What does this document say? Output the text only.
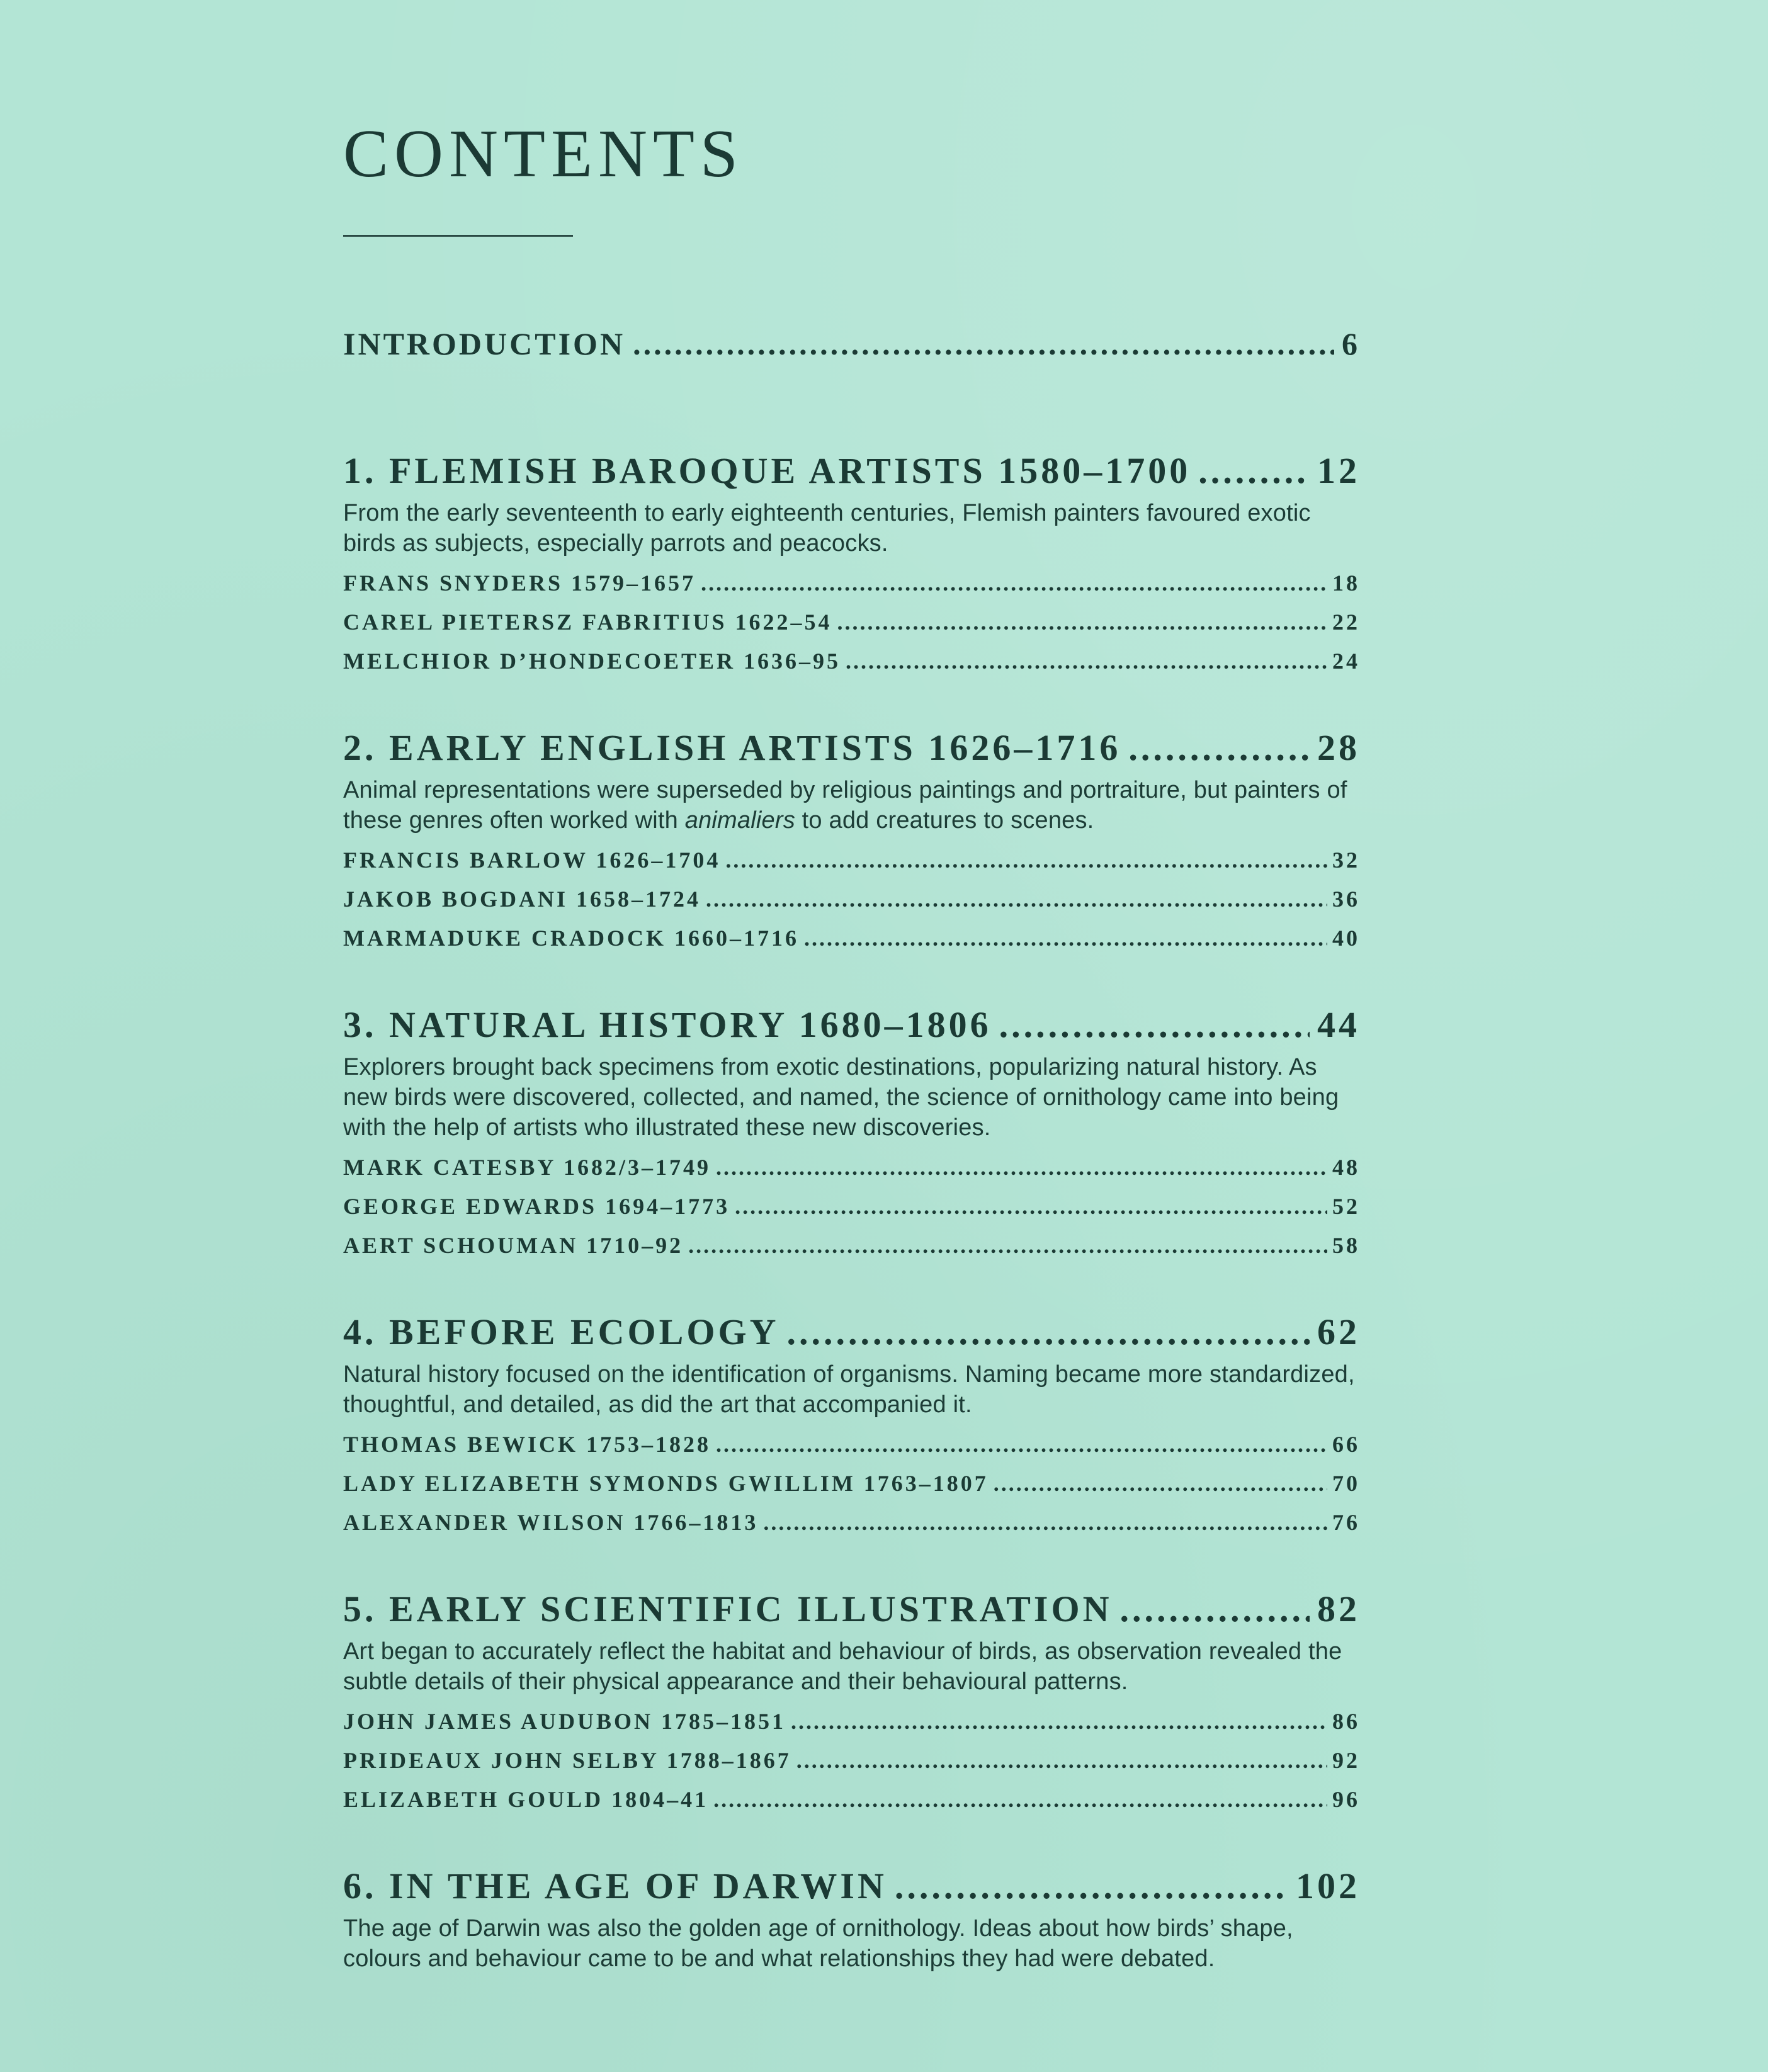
CONTENTS
INTRODUCTION .....	6
1. FLEMISH BAROQUE ARTISTS 1580–1700 .....	12

From the early seventeenth to early eighteenth centuries, Flemish painters favoured exotic birds as subjects, especially parrots and peacocks.

FRANS SNYDERS 1579–1657 .....	18
CAREL PIETERSZ FABRITIUS 1622–54 .....	22
MELCHIOR D’HONDECOETER 1636–95 .....	24
2. EARLY ENGLISH ARTISTS 1626–1716 .....	28

Animal representations were superseded by religious paintings and portraiture, but painters of these genres often worked with animaliers to add creatures to scenes.

FRANCIS BARLOW 1626–1704 .....	32
JAKOB BOGDANI 1658–1724 .....	36
MARMADUKE CRADOCK 1660–1716 .....	40
3. NATURAL HISTORY 1680–1806 .....	44

Explorers brought back specimens from exotic destinations, popularizing natural history. As new birds were discovered, collected, and named, the science of ornithology came into being with the help of artists who illustrated these new discoveries.

MARK CATESBY 1682/3–1749 .....	48
GEORGE EDWARDS 1694–1773 .....	52
AERT SCHOUMAN 1710–92 .....	58
4. BEFORE ECOLOGY .....	62

Natural history focused on the identification of organisms. Naming became more standardized, thoughtful, and detailed, as did the art that accompanied it.

THOMAS BEWICK 1753–1828 .....	66
LADY ELIZABETH SYMONDS GWILLIM 1763–1807 .....	70
ALEXANDER WILSON 1766–1813 .....	76
5. EARLY SCIENTIFIC ILLUSTRATION .....	82

Art began to accurately reflect the habitat and behaviour of birds, as observation revealed the subtle details of their physical appearance and their behavioural patterns.

JOHN JAMES AUDUBON 1785–1851 .....	86
PRIDEAUX JOHN SELBY 1788–1867 .....	92
ELIZABETH GOULD 1804–41 .....	96
6. IN THE AGE OF DARWIN .....	102

The age of Darwin was also the golden age of ornithology. Ideas about how birds’ shape, colours and behaviour came to be and what relationships they had were debated.
